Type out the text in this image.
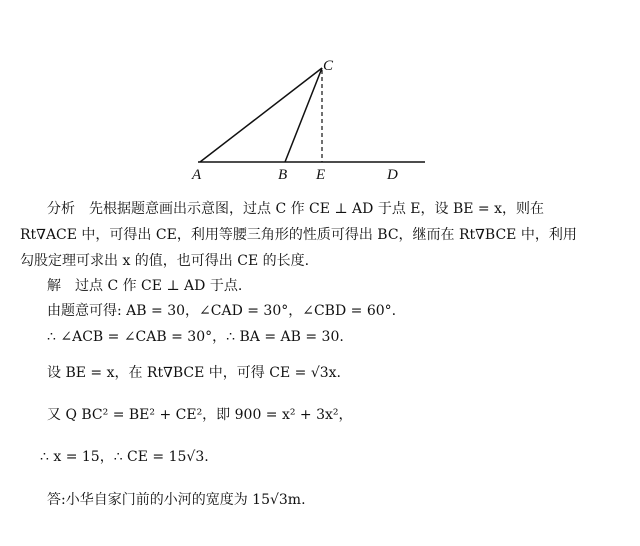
C
A	B E	D
分析　先根据题意画出示意图，过点 C 作 CE ⊥ AD 于点 E，设 BE = x，则在
Rt∇ACE 中，可得出 CE，利用等腰三角形的性质可得出 BC，继而在 Rt∇BCE 中，利用
勾股定理可求出 x 的值，也可得出 CE 的长度.
解　过点 C 作 CE ⊥ AD 于点.
由题意可得: AB = 30，∠CAD = 30°，∠CBD = 60°.
∴ ∠ACB = ∠CAB = 30°，∴ BA = AB = 30.
设 BE = x，在 Rt∇BCE 中，可得 CE = √3x.
又 Q BC² = BE² + CE²，即 900 = x² + 3x²，
∴ x = 15，∴ CE = 15√3.
答:小华自家门前的小河的宽度为 15√3m.
